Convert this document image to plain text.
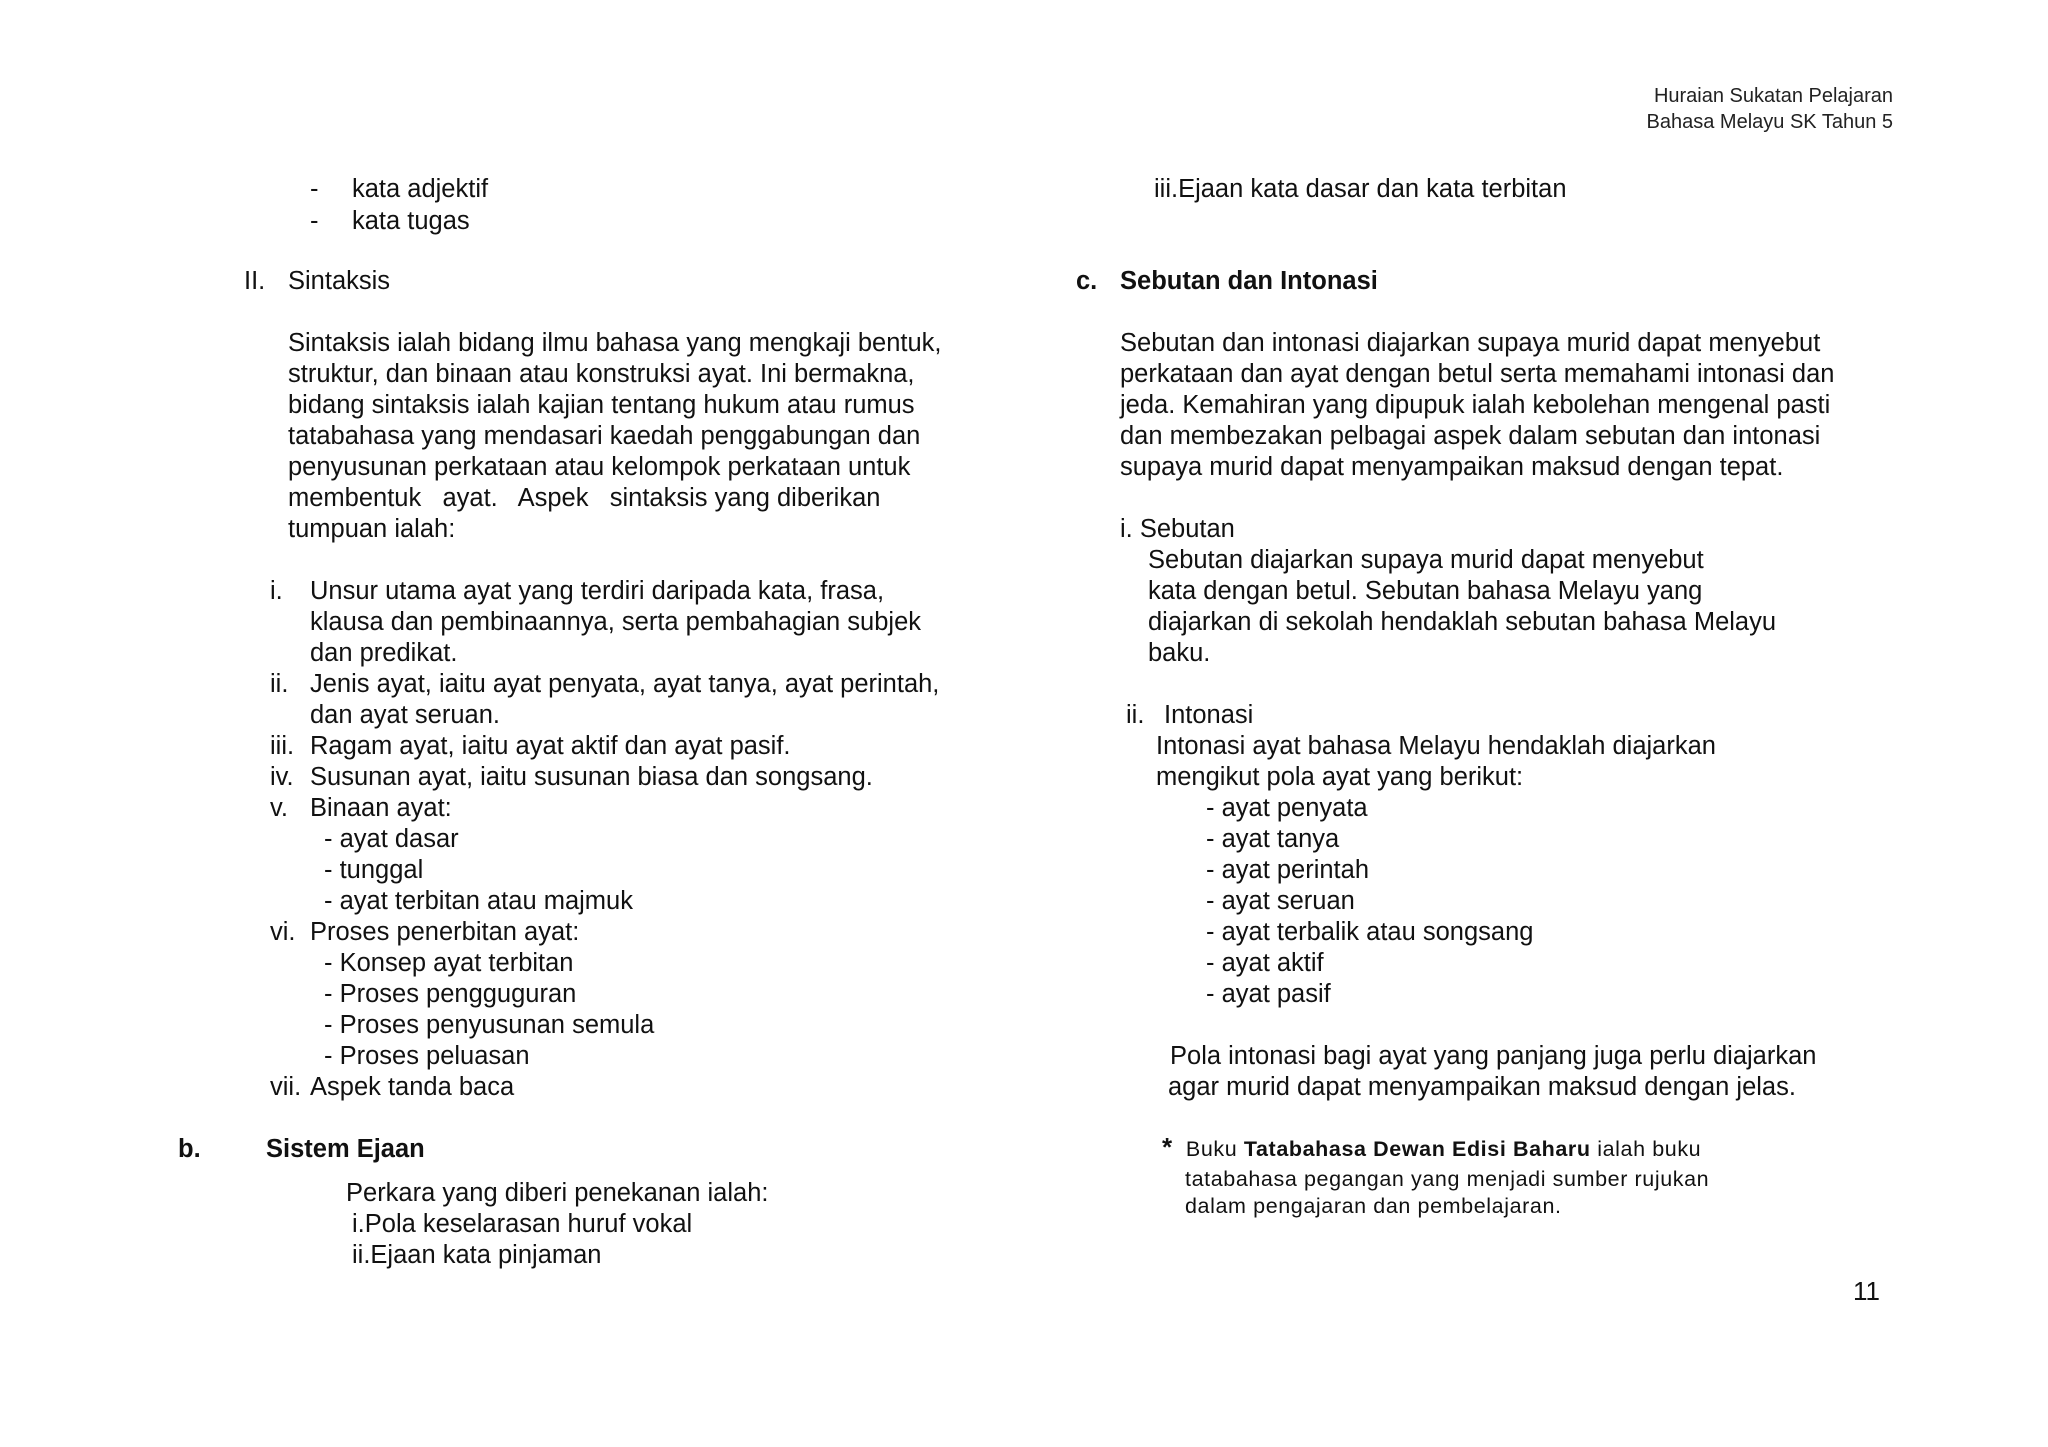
Huraian Sukatan Pelajaran
Bahasa Melayu SK Tahun 5
- kata adjektif
- kata tugas
II. Sintaksis
Sintaksis ialah bidang ilmu bahasa yang mengkaji bentuk,
struktur, dan binaan atau konstruksi ayat. Ini bermakna,
bidang sintaksis ialah kajian tentang hukum atau rumus
tatabahasa yang mendasari kaedah penggabungan dan
penyusunan perkataan atau kelompok perkataan untuk
membentuk   ayat.   Aspek   sintaksis yang diberikan
tumpuan ialah:
i. Unsur utama ayat yang terdiri daripada kata, frasa,
klausa dan pembinaannya, serta pembahagian subjek
dan predikat.
ii. Jenis ayat, iaitu ayat penyata, ayat tanya, ayat perintah,
dan ayat seruan.
iii. Ragam ayat, iaitu ayat aktif dan ayat pasif.
iv. Susunan ayat, iaitu susunan biasa dan songsang.
v. Binaan ayat:
- ayat dasar
- tunggal
- ayat terbitan atau majmuk
vi. Proses penerbitan ayat:
- Konsep ayat terbitan
- Proses pengguguran
- Proses penyusunan semula
- Proses peluasan
vii. Aspek tanda baca
b.	Sistem Ejaan
Perkara yang diberi penekanan ialah:
i.Pola keselarasan huruf vokal
ii.Ejaan kata pinjaman
iii.Ejaan kata dasar dan kata terbitan
c. Sebutan dan Intonasi
Sebutan dan intonasi diajarkan supaya murid dapat menyebut
perkataan dan ayat dengan betul serta memahami intonasi dan
jeda. Kemahiran yang dipupuk ialah kebolehan mengenal pasti
dan membezakan pelbagai aspek dalam sebutan dan intonasi
supaya murid dapat menyampaikan maksud dengan tepat.
i. Sebutan
Sebutan diajarkan supaya murid dapat menyebut
kata dengan betul. Sebutan bahasa Melayu yang
diajarkan di sekolah hendaklah sebutan bahasa Melayu
baku.
ii. Intonasi
Intonasi ayat bahasa Melayu hendaklah diajarkan
mengikut pola ayat yang berikut:
- ayat penyata
- ayat tanya
- ayat perintah
- ayat seruan
- ayat terbalik atau songsang
- ayat aktif
- ayat pasif
Pola intonasi bagi ayat yang panjang juga perlu diajarkan
agar murid dapat menyampaikan maksud dengan jelas.
* Buku Tatabahasa Dewan Edisi Baharu ialah buku
tatabahasa pegangan yang menjadi sumber rujukan
dalam pengajaran dan pembelajaran.
11
